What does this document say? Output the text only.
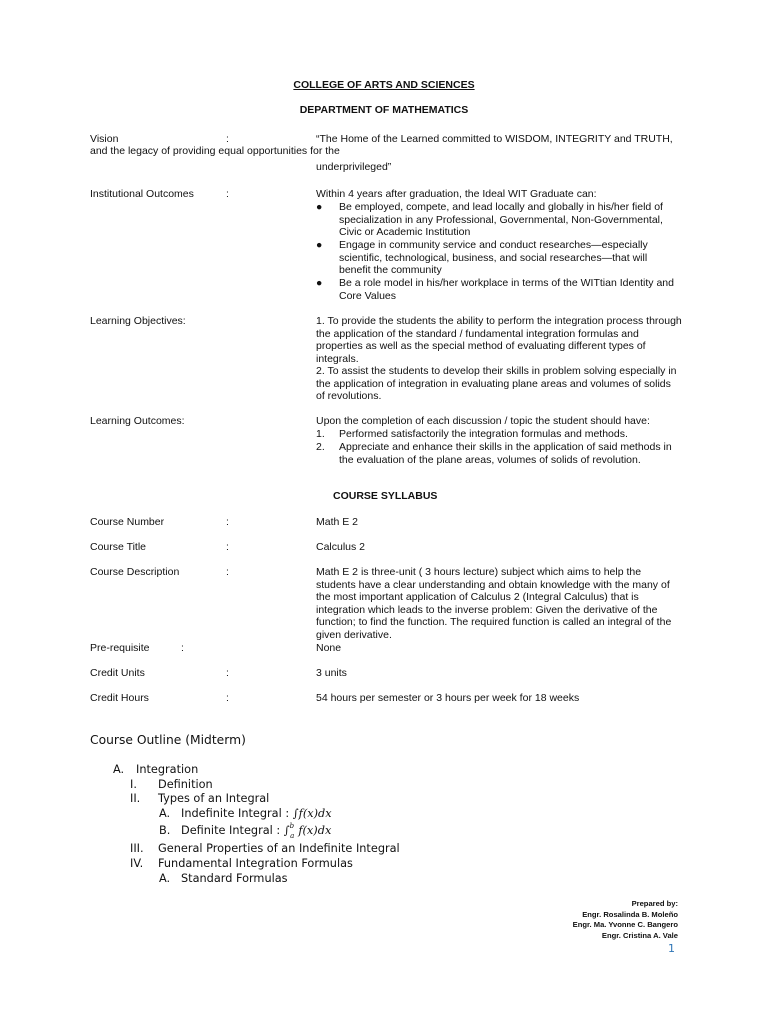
COLLEGE OF ARTS AND SCIENCES
DEPARTMENT OF MATHEMATICS
Vision	:	“The Home of the Learned committed to WISDOM, INTEGRITY and TRUTH,
and the legacy of providing equal opportunities for the
underprivileged”
Institutional Outcomes	:	Within 4 years after graduation, the Ideal WIT Graduate can:
● Be employed, compete, and lead locally and globally in his/her field of specialization in any Professional, Governmental, Non-Governmental, Civic or Academic Institution
● Engage in community service and conduct researches—especially scientific, technological, business, and social researches—that will benefit the community
● Be a role model in his/her workplace in terms of the WITtian Identity and Core Values
Learning Objectives:	1. To provide the students the ability to perform the integration process through the application of the standard / fundamental integration formulas and properties as well as the special method of evaluating different types of integrals.
2. To assist the students to develop their skills in problem solving especially in the application of integration in evaluating plane areas and volumes of solids of revolutions.
Learning Outcomes:	Upon the completion of each discussion / topic the student should have:
1. Performed satisfactorily the integration formulas and methods.
2. Appreciate and enhance their skills in the application of said methods in the evaluation of the plane areas, volumes of solids of revolution.
COURSE SYLLABUS
Course Number	:	Math E 2
Course Title	:	Calculus 2
Course Description	:	Math E 2 is three-unit ( 3 hours lecture) subject which aims to help the students have a clear understanding and obtain knowledge with the many of the most important application of Calculus 2 (Integral Calculus) that is integration which leads to the inverse problem: Given the derivative of the function; to find the function. The required function is called an integral of the given derivative.
Pre-requisite	:	None
Credit Units	:	3 units
Credit Hours	:	54 hours per semester or 3 hours per week for 18 weeks
Course Outline (Midterm)
A. Integration
I. Definition
II. Types of an Integral
A. Indefinite Integral : ∫f(x)dx
B. Definite Integral : ∫$^b_a$ f(x)dx
III. General Properties of an Indefinite Integral
IV. Fundamental Integration Formulas
A. Standard Formulas
Prepared by:
Engr. Rosalinda B. Moleño
Engr. Ma. Yvonne C. Bangero
Engr. Cristina A. Vale
1
